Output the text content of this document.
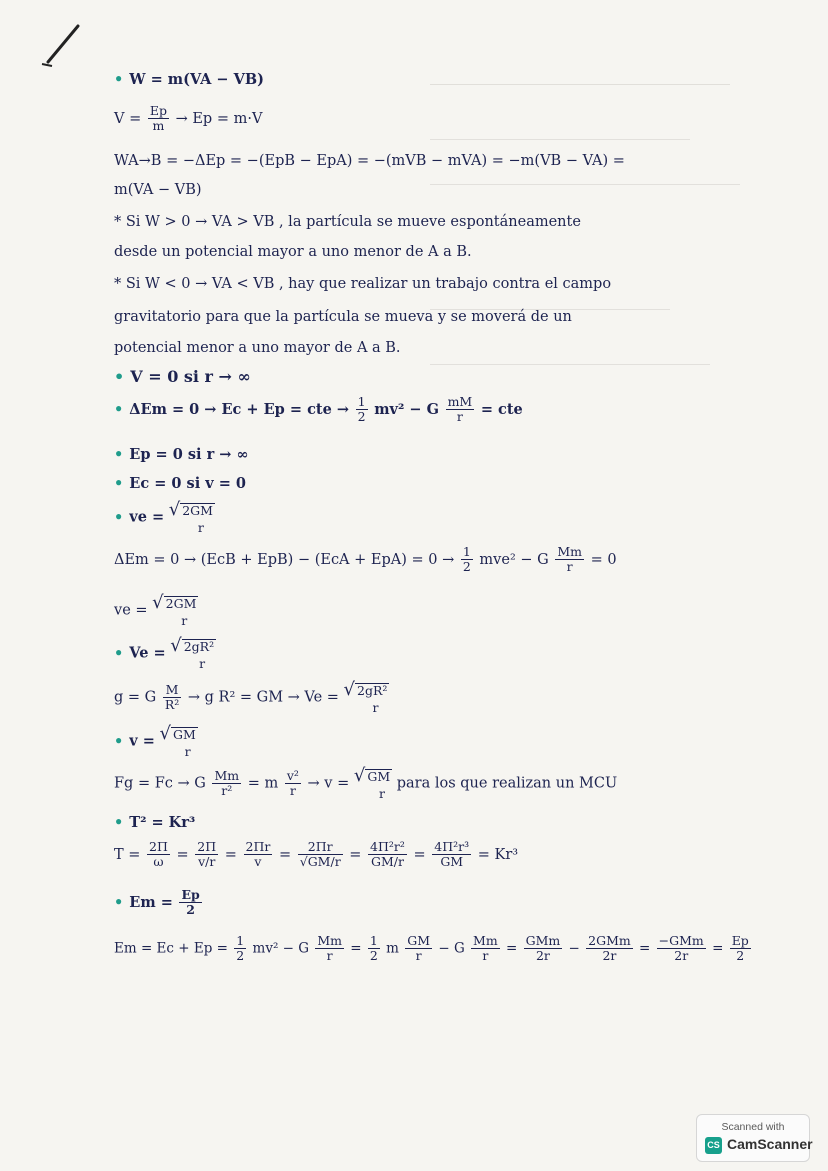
• W = m(VA − VB)
$V = \frac{Ep}{m} \to Ep = m\cdot V$
WA→B = −ΔEp = −(EpB − EpA) = −(mVB − mVA) = −m(VB − VA) =
m(VA − VB)
* Si W > 0 → VA > VB , la partícula se mueve espontáneamente
desde un potencial mayor a uno menor de A a B.
* Si W < 0 → VA < VB , hay que realizar un trabajo contra el campo
gravitatorio para que la partícula se mueva y se moverá de un
potencial menor a uno mayor de A a B.
• V = 0 si r → ∞
• ΔEm = 0 → Ec + Ep = cte → $\frac{1}{2} mv^2 - G \frac{mM}{r}$ = cte
• Ep = 0 si r → ∞
• Ec = 0 si v = 0
• ve = √ 2GM
r
$\Delta Em = 0 \to (EcB + EpB) - (EcA + EpA) = 0 \to \frac{1}{2} mve^2 - G \frac{Mm}{r} = 0$
ve = √ 2GM
r
• Ve = √ 2gR²
r
g = G $\frac{M}{\text{R²}} \to g$ R² = GM → Ve = √ 2gR²
r
• v = √ GM
r
Fg = Fc → G $\frac{Mm}{\text{r²}} = m \frac{\text{v²}}{r} \to v$ = √ GM
r
para los que realizan un MCU
• T² = Kr³
$T = \frac{2\Pi}{\omega} = \frac{2\Pi}{v/r} = \frac{2\Pi r}{v} = \frac{2\Pi r}{√GM/r} = \frac{\text{4Π²r²}}{GM/r} = \frac{\text{4Π²r³}}{GM} = Kr^3$
• $Em = \frac{Ep}{2}$
$Em = Ec + Ep = \frac{1}{2} mv^2 - G \frac{Mm}{r} = \frac{1}{2}$ m $\frac{GM}{r} - G \frac{Mm}{r} = \frac{\text{GMm}}{2r} - \frac{\text{2GMm}}{2r} = \frac{\text{−GMm}}{2r} = \frac{Ep}{2}$
Scanned with
CS CamScanner
